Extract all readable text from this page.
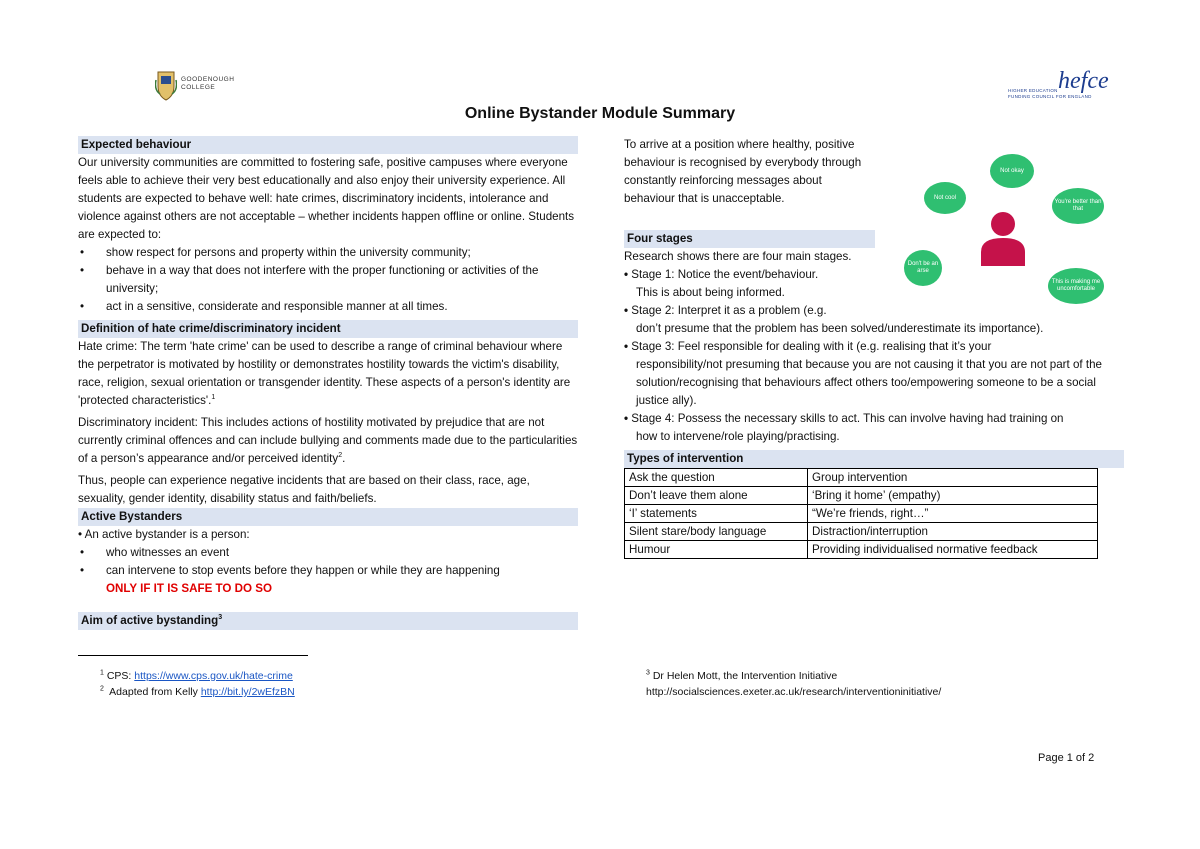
GOODENOUGH
COLLEGE	hefce
HIGHER EDUCATION
FUNDING COUNCIL FOR ENGLAND
Online Bystander Module Summary
Expected behaviour

Our university communities are committed to fostering safe, positive campuses where everyone feels able to achieve their very best educationally and also enjoy their university experience. All students are expected to behave well: hate crimes, discriminatory incidents, intolerance and violence against others are not acceptable – whether incidents happen offline or online. Students are expected to:

• show respect for persons and property within the university community;
• behave in a way that does not interfere with the proper functioning or activities of the university;
• act in a sensitive, considerate and responsible manner at all times.
Definition of hate crime/discriminatory incident

Hate crime: The term 'hate crime' can be used to describe a range of criminal behaviour where the perpetrator is motivated by hostility or demonstrates hostility towards the victim's disability, race, religion, sexual orientation or transgender identity. These aspects of a person's identity are 'protected characteristics'.$^1$

Discriminatory incident: This includes actions of hostility motivated by prejudice that are not currently criminal offences and can include bullying and comments made due to the particularities of a person’s appearance and/or perceived identity$^2$.

Thus, people can experience negative incidents that are based on their class, race, age, sexuality, gender identity, disability status and faith/beliefs.

Active Bystanders

• An active bystander is a person:

• who witnesses an event
• can intervene to stop events before they happen or while they are happening

ONLY IF IT IS SAFE TO DO SO

Aim of active bystanding$^3$

To arrive at a position where healthy, positive behaviour is recognised by everybody through constantly reinforcing messages about behaviour that is unacceptable.

Not okay
Not cool
You're better than that
Don't be an arse
This is making me uncomfortable
Four stages

Research shows there are four main stages.

• Stage 1: Notice the event/behaviour.
This is about being informed.
• Stage 2: Interpret it as a problem (e.g.
don’t presume that the problem has been solved/underestimate its importance).
• Stage 3: Feel responsible for dealing with it (e.g. realising that it’s your
responsibility/not presuming that because you are not causing it that you are not part of the solution/recognising that behaviours affect others too/empowering someone to be a social justice ally).
• Stage 4: Possess the necessary skills to act. This can involve having had training on
how to intervene/role playing/practising.
Types of intervention
Ask the question	Group intervention
Don’t leave them alone	‘Bring it home’ (empathy)
‘I’ statements	“We’re friends, right…”
Silent stare/body language	Distraction/interruption
Humour	Providing individualised normative feedback
$^1$ CPS: https://www.cps.gov.uk/hate-crime
$^2$ Adapted from Kelly http://bit.ly/2wEfzBN
$^3$ Dr Helen Mott, the Intervention Initiative
http://socialsciences.exeter.ac.uk/research/interventioninitiative/
Page 1 of 2
